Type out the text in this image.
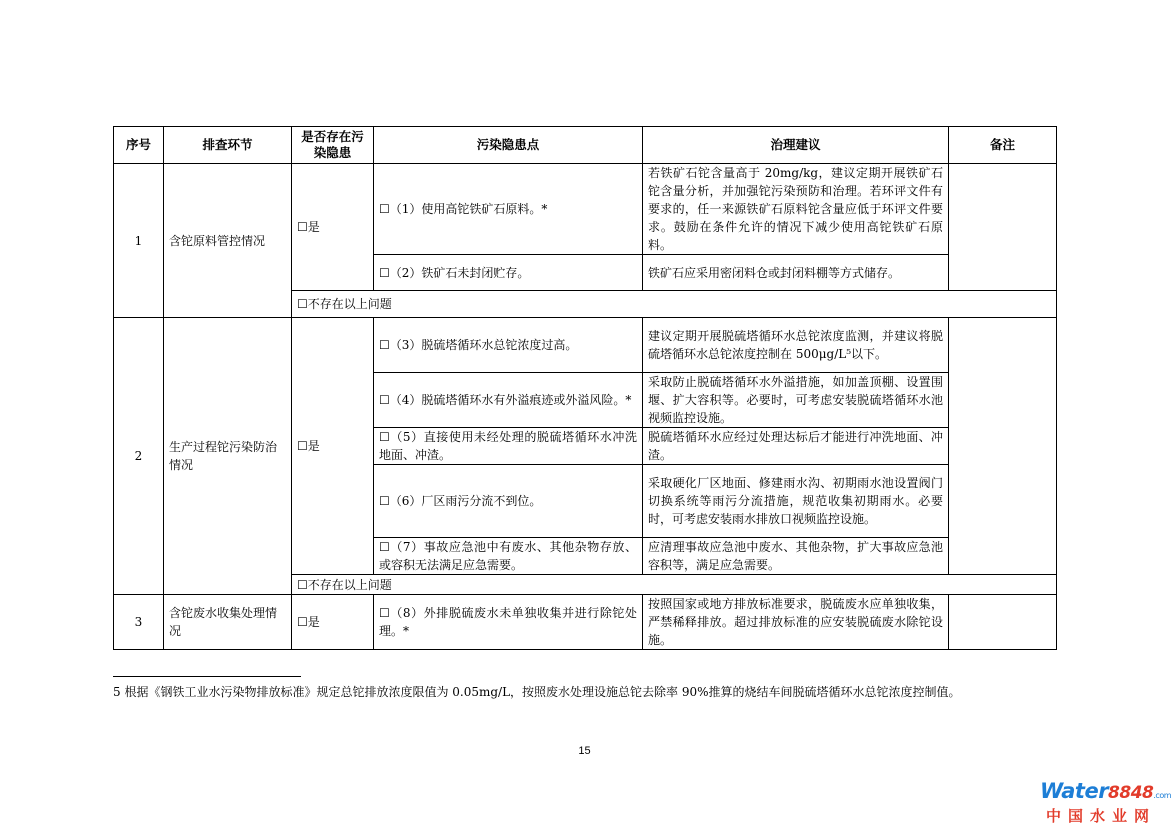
序号	排查环节	是否存在污染隐患	污染隐患点	治理建议	备注
1	含铊原料管控情况	☐是	☐（1）使用高铊铁矿石原料。*	若铁矿石铊含量高于 20mg/kg，建议定期开展铁矿石铊含量分析，并加强铊污染预防和治理。若环评文件有要求的，任一来源铁矿石原料铊含量应低于环评文件要求。鼓励在条件允许的情况下减少使用高铊铁矿石原料。	
			☐（2）铁矿石未封闭贮存。	铁矿石应采用密闭料仓或封闭料棚等方式储存。	
		☐不存在以上问题			
2	生产过程铊污染防治情况	☐是	☐（3）脱硫塔循环水总铊浓度过高。	建议定期开展脱硫塔循环水总铊浓度监测，并建议将脱硫塔循环水总铊浓度控制在 500μg/L⁵以下。	
			☐（4）脱硫塔循环水有外溢痕迹或外溢风险。*	采取防止脱硫塔循环水外溢措施，如加盖顶棚、设置围堰、扩大容积等。必要时，可考虑安装脱硫塔循环水池视频监控设施。	
			☐（5）直接使用未经处理的脱硫塔循环水冲洗地面、冲渣。	脱硫塔循环水应经过处理达标后才能进行冲洗地面、冲渣。	
			☐（6）厂区雨污分流不到位。	采取硬化厂区地面、修建雨水沟、初期雨水池设置阀门切换系统等雨污分流措施，规范收集初期雨水。必要时，可考虑安装雨水排放口视频监控设施。	
			☐（7）事故应急池中有废水、其他杂物存放、或容积无法满足应急需要。	应清理事故应急池中废水、其他杂物，扩大事故应急池容积等，满足应急需要。	
		☐不存在以上问题			
3	含铊废水收集处理情况	☐是	☐（8）外排脱硫废水未单独收集并进行除铊处理。*	按照国家或地方排放标准要求，脱硫废水应单独收集，严禁稀释排放。超过排放标准的应安装脱硫废水除铊设施。	
5 根据《钢铁工业水污染物排放标准》规定总铊排放浓度限值为 0.05mg/L，按照废水处理设施总铊去除率 90%推算的烧结车间脱硫塔循环水总铊浓度控制值。
15
Water8848.com
中国水业网
